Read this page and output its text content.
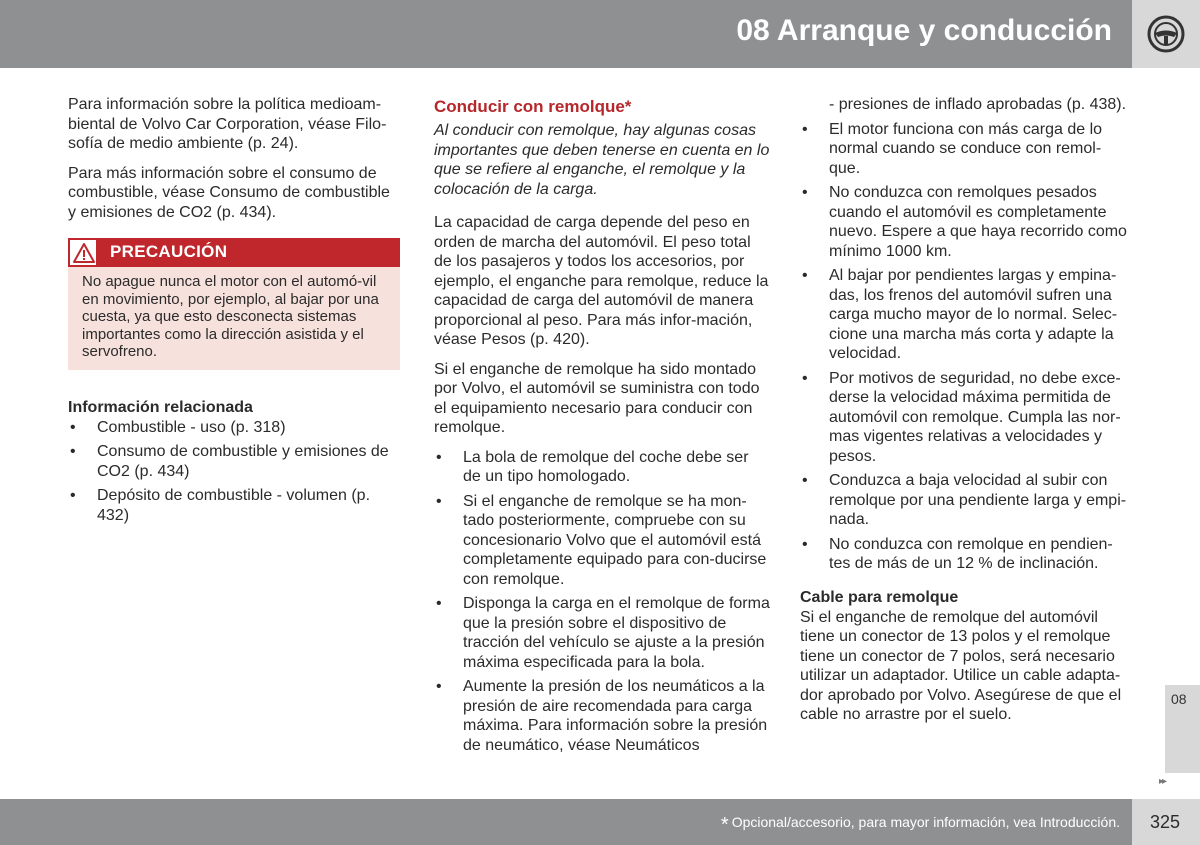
08 Arranque y conducción

Para información sobre la política medioam-biental de Volvo Car Corporation, véase Filo-sofía de medio ambiente (p. 24).

Para más información sobre el consumo de combustible, véase Consumo de combustible y emisiones de CO2 (p. 434).

PRECAUCIÓN
No apague nunca el motor con el automó-vil en movimiento, por ejemplo, al bajar por una cuesta, ya que esto desconecta sistemas importantes como la dirección asistida y el servofreno.
Información relacionada
• Combustible - uso (p. 318)
• Consumo de combustible y emisiones de CO2 (p. 434)
• Depósito de combustible - volumen (p. 432)
Conducir con remolque*

Al conducir con remolque, hay algunas cosas importantes que deben tenerse en cuenta en lo que se refiere al enganche, el remolque y la colocación de la carga.

La capacidad de carga depende del peso en orden de marcha del automóvil. El peso total de los pasajeros y todos los accesorios, por ejemplo, el enganche para remolque, reduce la capacidad de carga del automóvil de manera proporcional al peso. Para más infor-mación, véase Pesos (p. 420).

Si el enganche de remolque ha sido montado por Volvo, el automóvil se suministra con todo el equipamiento necesario para conducir con remolque.

• La bola de remolque del coche debe ser de un tipo homologado.
• Si el enganche de remolque se ha mon-tado posteriormente, compruebe con su concesionario Volvo que el automóvil está completamente equipado para con-ducirse con remolque.
• Disponga la carga en el remolque de forma que la presión sobre el dispositivo de tracción del vehículo se ajuste a la presión máxima especificada para la bola.
• Aumente la presión de los neumáticos a la presión de aire recomendada para carga máxima. Para información sobre la presión de neumático, véase Neumáticos
- presiones de inflado aprobadas (p. 438).
• El motor funciona con más carga de lo normal cuando se conduce con remol-que.
• No conduzca con remolques pesados cuando el automóvil es completamente nuevo. Espere a que haya recorrido como mínimo 1000 km.
• Al bajar por pendientes largas y empina-das, los frenos del automóvil sufren una carga mucho mayor de lo normal. Selec-cione una marcha más corta y adapte la velocidad.
• Por motivos de seguridad, no debe exce-derse la velocidad máxima permitida de automóvil con remolque. Cumpla las nor-mas vigentes relativas a velocidades y pesos.
• Conduzca a baja velocidad al subir con remolque por una pendiente larga y empi-nada.
• No conduzca con remolque en pendien-tes de más de un 12 % de inclinación.
Cable para remolque

Si el enganche de remolque del automóvil tiene un conector de 13 polos y el remolque tiene un conector de 7 polos, será necesario utilizar un adaptador. Utilice un cable adapta-dor aprobado por Volvo. Asegúrese de que el cable no arrastre por el suelo.

08
▸▸
* Opcional/accesorio, para mayor información, vea Introducción. 325
